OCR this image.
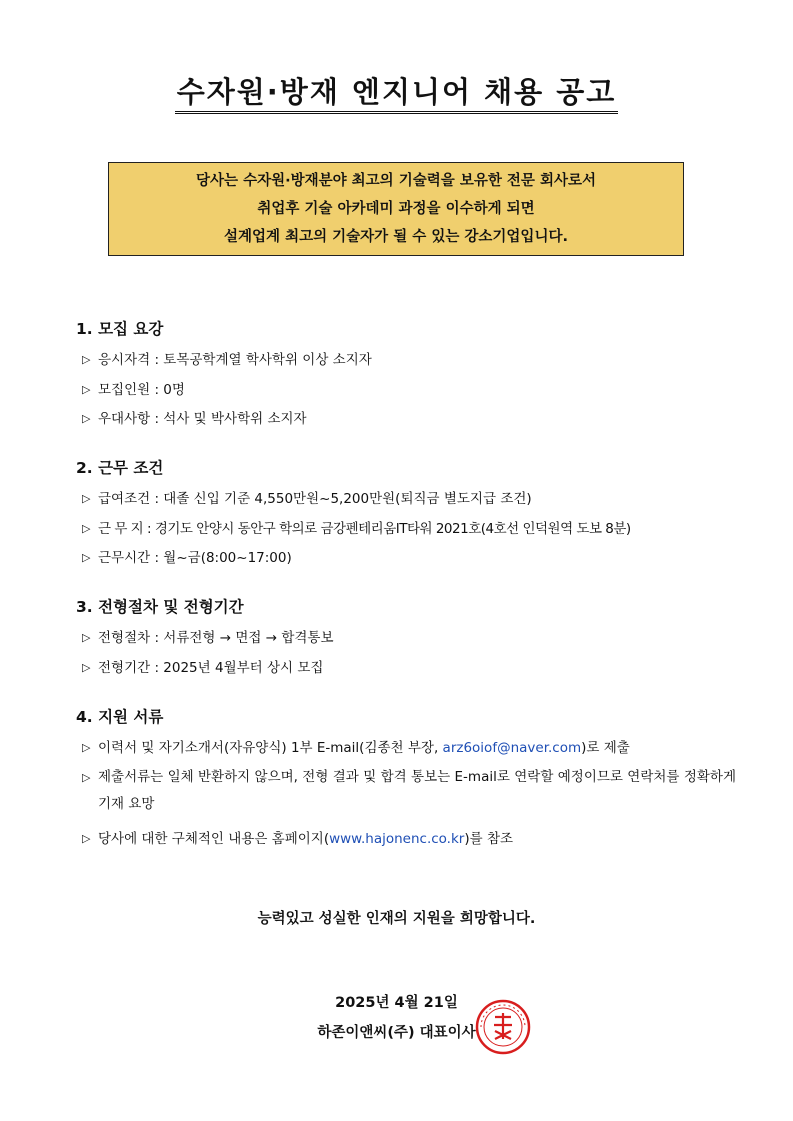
수자원·방재 엔지니어 채용 공고
당사는 수자원·방재분야 최고의 기술력을 보유한 전문 회사로서
취업후 기술 아카데미 과정을 이수하게 되면
설계업계 최고의 기술자가 될 수 있는 강소기업입니다.
1. 모집 요강
▷ 응시자격 : 토목공학계열 학사학위 이상 소지자
▷ 모집인원 : 0명
▷ 우대사항 : 석사 및 박사학위 소지자
2. 근무 조건
▷ 급여조건 : 대졸 신입 기준 4,550만원~5,200만원(퇴직금 별도지급 조건)
▷ 근 무 지 : 경기도 안양시 동안구 학의로 금강펜테리움IT타워 2021호(4호선 인덕원역 도보 8분)
▷ 근무시간 : 월~금(8:00~17:00)
3. 전형절차 및 전형기간
▷ 전형절차 : 서류전형 → 면접 → 합격통보
▷ 전형기간 : 2025년 4월부터 상시 모집
4. 지원 서류
▷ 이력서 및 자기소개서(자유양식) 1부 E-mail(김종천 부장, arz6oiof@naver.com)로 제출
▷ 제출서류는 일체 반환하지 않으며, 전형 결과 및 합격 통보는 E-mail로 연락할 예정이므로 연락처를 정확하게 기재 요망
▷ 당사에 대한 구체적인 내용은 홈페이지(www.hajonenc.co.kr)를 참조
능력있고 성실한 인재의 지원을 희망합니다.
2025년 4월 21일
하존이앤씨(주) 대표이사
